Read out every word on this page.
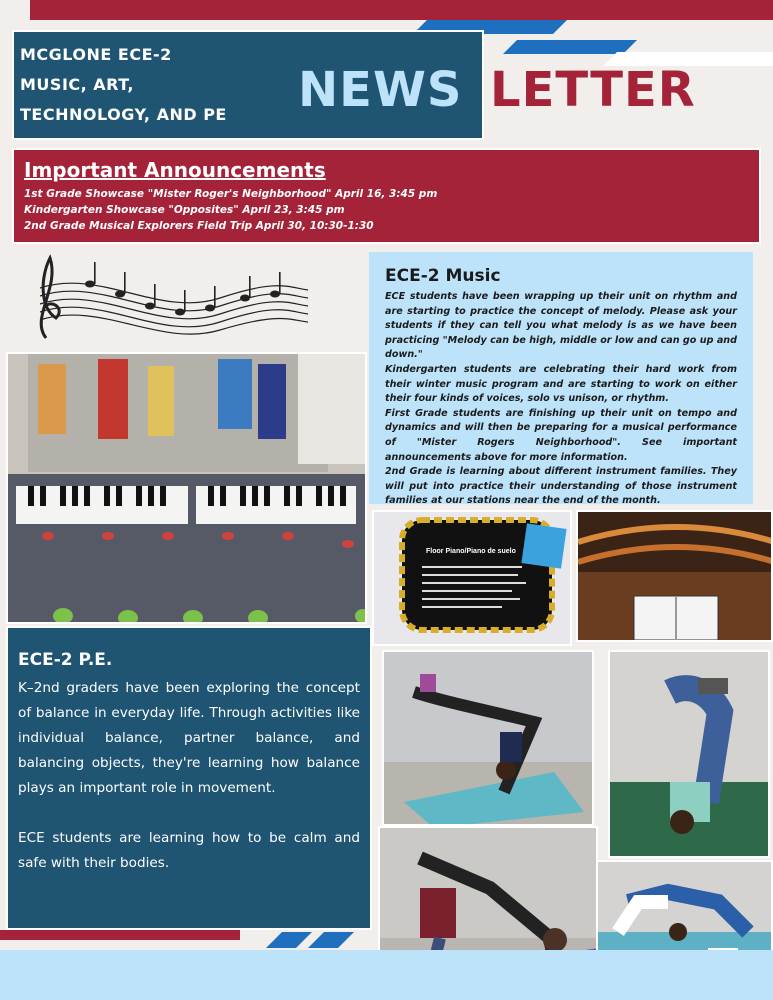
MCGLONE ECE-2
MUSIC, ART,
TECHNOLOGY, AND PE	NEWS LETTER
Important Announcements

1st Grade Showcase "Mister Roger's Neighborhood" April 16, 3:45 pm

Kindergarten Showcase "Opposites" April 23, 3:45 pm

2nd Grade Musical Explorers Field Trip April 30, 10:30-1:30

ECE-2 Music

ECE students have been wrapping up their unit on rhythm and are starting to practice the concept of melody. Please ask your students if they can tell you what melody is as we have been practicing "Melody can be high, middle or low and can go up and down."

Kindergarten students are celebrating their hard work from their winter music program and are starting to work on either their four kinds of voices, solo vs unison, or rhythm.

First Grade students are finishing up their unit on tempo and dynamics and will then be preparing for a musical performance of "Mister Rogers Neighborhood". See important announcements above for more information.

2nd Grade is learning about different instrument families. They will put into practice their understanding of those instrument families at our stations near the end of the month.

Floor Piano/Piano de suelo
ECE-2 P.E.

K–2nd graders have been exploring the concept of balance in everyday life. Through activities like individual balance, partner balance, and balancing objects, they're learning how balance plays an important role in movement.

ECE students are learning how to be calm and safe with their bodies.
